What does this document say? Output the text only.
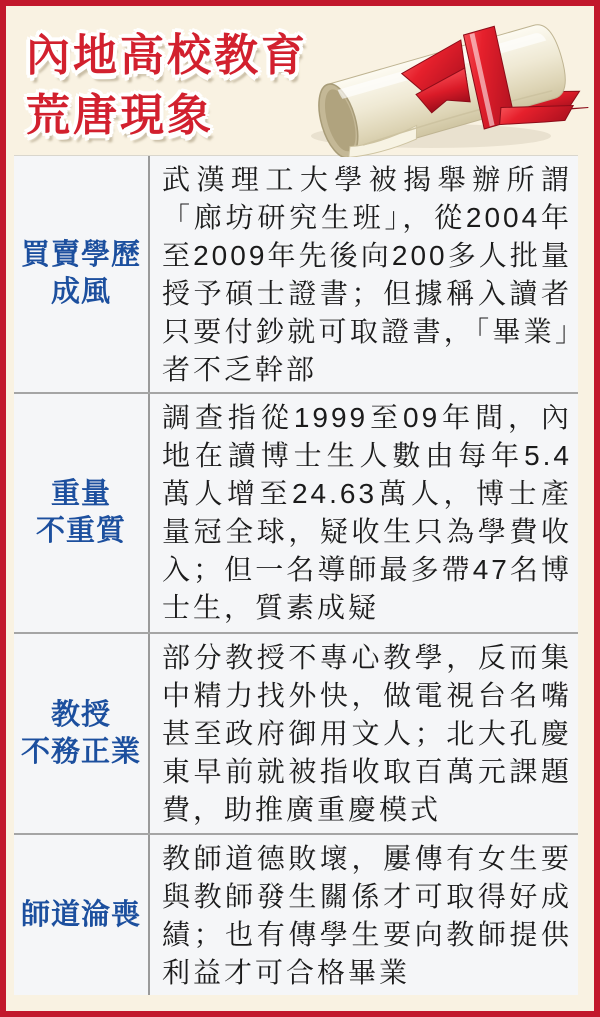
內地高校教育
荒唐現象
買賣學歷
成風
武漢理工大學被揭舉辦所謂「廊坊研究生班」，從2004年至2009年先後向200多人批量授予碩士證書；但據稱入讀者只要付鈔就可取證書，「畢業」者不乏幹部
重量
不重質
調查指從1999至09年間，內地在讀博士生人數由每年5.4萬人增至24.63萬人，博士產量冠全球，疑收生只為學費收入；但一名導師最多帶47名博士生，質素成疑
教授
不務正業
部分教授不專心教學，反而集中精力找外快，做電視台名嘴甚至政府御用文人；北大孔慶東早前就被指收取百萬元課題費，助推廣重慶模式
師道淪喪
教師道德敗壞，屢傳有女生要與教師發生關係才可取得好成績；也有傳學生要向教師提供利益才可合格畢業
